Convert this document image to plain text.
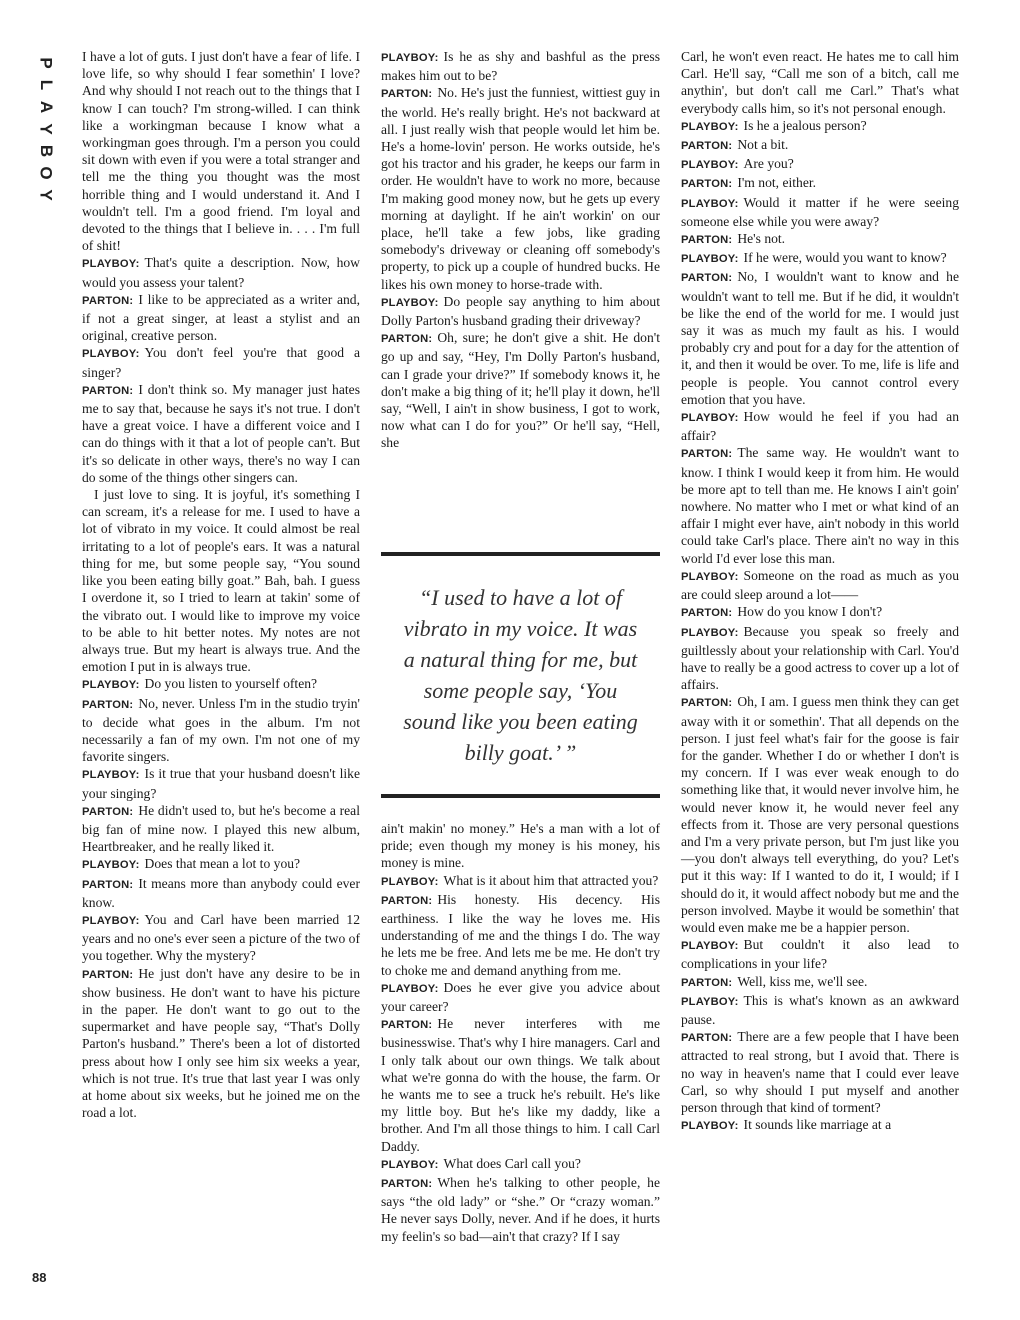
P
L
A
Y
B
O
Y

I have a lot of guts. I just don't have a fear of life. I love life, so why should I fear somethin' I love? And why should I not reach out to the things that I know I can touch? I'm strong-willed. I can think like a workingman because I know what a workingman goes through. I'm a person you could sit down with even if you were a total stranger and tell me the thing you thought was the most horrible thing and I would understand it. And I wouldn't tell. I'm a good friend. I'm loyal and devoted to the things that I believe in. . . . I'm full of shit!

PLAYBOY: That's quite a description. Now, how would you assess your talent?

PARTON: I like to be appreciated as a writer and, if not a great singer, at least a stylist and an original, creative person.

PLAYBOY: You don't feel you're that good a singer?

PARTON: I don't think so. My manager just hates me to say that, because he says it's not true. I don't have a great voice. I have a different voice and I can do things with it that a lot of people can't. But it's so delicate in other ways, there's no way I can do some of the things other singers can.

I just love to sing. It is joyful, it's something I can scream, it's a release for me. I used to have a lot of vibrato in my voice. It could almost be real irritating to a lot of people's ears. It was a natural thing for me, but some people say, “You sound like you been eating billy goat.” Bah, bah. I guess I overdone it, so I tried to learn at takin' some of the vibrato out. I would like to improve my voice to be able to hit better notes. My notes are not always true. But my heart is always true. And the emotion I put in is always true.

PLAYBOY: Do you listen to yourself often?

PARTON: No, never. Unless I'm in the studio tryin' to decide what goes in the album. I'm not necessarily a fan of my own. I'm not one of my favorite singers.

PLAYBOY: Is it true that your husband doesn't like your singing?

PARTON: He didn't used to, but he's become a real big fan of mine now. I played this new album, Heartbreaker, and he really liked it.

PLAYBOY: Does that mean a lot to you?

PARTON: It means more than anybody could ever know.

PLAYBOY: You and Carl have been married 12 years and no one's ever seen a picture of the two of you together. Why the mystery?

PARTON: He just don't have any desire to be in show business. He don't want to have his picture in the paper. He don't want to go out to the supermarket and have people say, “That's Dolly Parton's husband.” There's been a lot of distorted press about how I only see him six weeks a year, which is not true. It's true that last year I was only at home about six weeks, but he joined me on the road a lot.

PLAYBOY: Is he as shy and bashful as the press makes him out to be?

PARTON: No. He's just the funniest, wittiest guy in the world. He's really bright. He's not backward at all. I just really wish that people would let him be. He's a home-lovin' person. He works outside, he's got his tractor and his grader, he keeps our farm in order. He wouldn't have to work no more, because I'm making good money now, but he gets up every morning at daylight. If he ain't workin' on our place, he'll take a few jobs, like grading somebody's driveway or cleaning off somebody's property, to pick up a couple of hundred bucks. He likes his own money to horse-trade with.

PLAYBOY: Do people say anything to him about Dolly Parton's husband grading their driveway?

PARTON: Oh, sure; he don't give a shit. He don't go up and say, “Hey, I'm Dolly Parton's husband, can I grade your drive?” If somebody knows it, he don't make a big thing of it; he'll play it down, he'll say, “Well, I ain't in show business, I got to work, now what can I do for you?” Or he'll say, “Hell, she

“I used to have a lot of vibrato in my voice. It was a natural thing for me, but some people say, ‘You sound like you been eating billy goat.’ ”

ain't makin' no money.” He's a man with a lot of pride; even though my money is his money, his money is mine.

PLAYBOY: What is it about him that attracted you?

PARTON: His honesty. His decency. His earthiness. I like the way he loves me. His understanding of me and the things I do. The way he lets me be free. And lets me be me. He don't try to choke me and demand anything from me.

PLAYBOY: Does he ever give you advice about your career?

PARTON: He never interferes with me businesswise. That's why I hire managers. Carl and I only talk about our own things. We talk about what we're gonna do with the house, the farm. Or he wants me to see a truck he's rebuilt. He's like my little boy. But he's like my daddy, like a brother. And I'm all those things to him. I call Carl Daddy.

PLAYBOY: What does Carl call you?

PARTON: When he's talking to other people, he says “the old lady” or “she.” Or “crazy woman.” He never says Dolly, never. And if he does, it hurts my feelin's so bad—ain't that crazy? If I say

Carl, he won't even react. He hates me to call him Carl. He'll say, “Call me son of a bitch, call me anythin', but don't call me Carl.” That's what everybody calls him, so it's not personal enough.

PLAYBOY: Is he a jealous person?

PARTON: Not a bit.

PLAYBOY: Are you?

PARTON: I'm not, either.

PLAYBOY: Would it matter if he were seeing someone else while you were away?

PARTON: He's not.

PLAYBOY: If he were, would you want to know?

PARTON: No, I wouldn't want to know and he wouldn't want to tell me. But if he did, it wouldn't be like the end of the world for me. I would just say it was as much my fault as his. I would probably cry and pout for a day for the attention of it, and then it would be over. To me, life is life and people is people. You cannot control every emotion that you have.

PLAYBOY: How would he feel if you had an affair?

PARTON: The same way. He wouldn't want to know. I think I would keep it from him. He would be more apt to tell than me. He knows I ain't goin' nowhere. No matter who I met or what kind of an affair I might ever have, ain't nobody in this world could take Carl's place. There ain't no way in this world I'd ever lose this man.

PLAYBOY: Someone on the road as much as you are could sleep around a lot——

PARTON: How do you know I don't?

PLAYBOY: Because you speak so freely and guiltlessly about your relationship with Carl. You'd have to really be a good actress to cover up a lot of affairs.

PARTON: Oh, I am. I guess men think they can get away with it or somethin'. That all depends on the person. I just feel what's fair for the goose is fair for the gander. Whether I do or whether I don't is my concern. If I was ever weak enough to do something like that, it would never involve him, he would never know it, he would never feel any effects from it. Those are very personal questions and I'm a very private person, but I'm just like you—you don't always tell everything, do you? Let's put it this way: If I wanted to do it, I would; if I should do it, it would affect nobody but me and the person involved. Maybe it would be somethin' that would even make me be a happier person.

PLAYBOY: But couldn't it also lead to complications in your life?

PARTON: Well, kiss me, we'll see.

PLAYBOY: This is what's known as an awkward pause.

PARTON: There are a few people that I have been attracted to real strong, but I avoid that. There is no way in heaven's name that I could ever leave Carl, so why should I put myself and another person through that kind of torment?

PLAYBOY: It sounds like marriage at a

88
